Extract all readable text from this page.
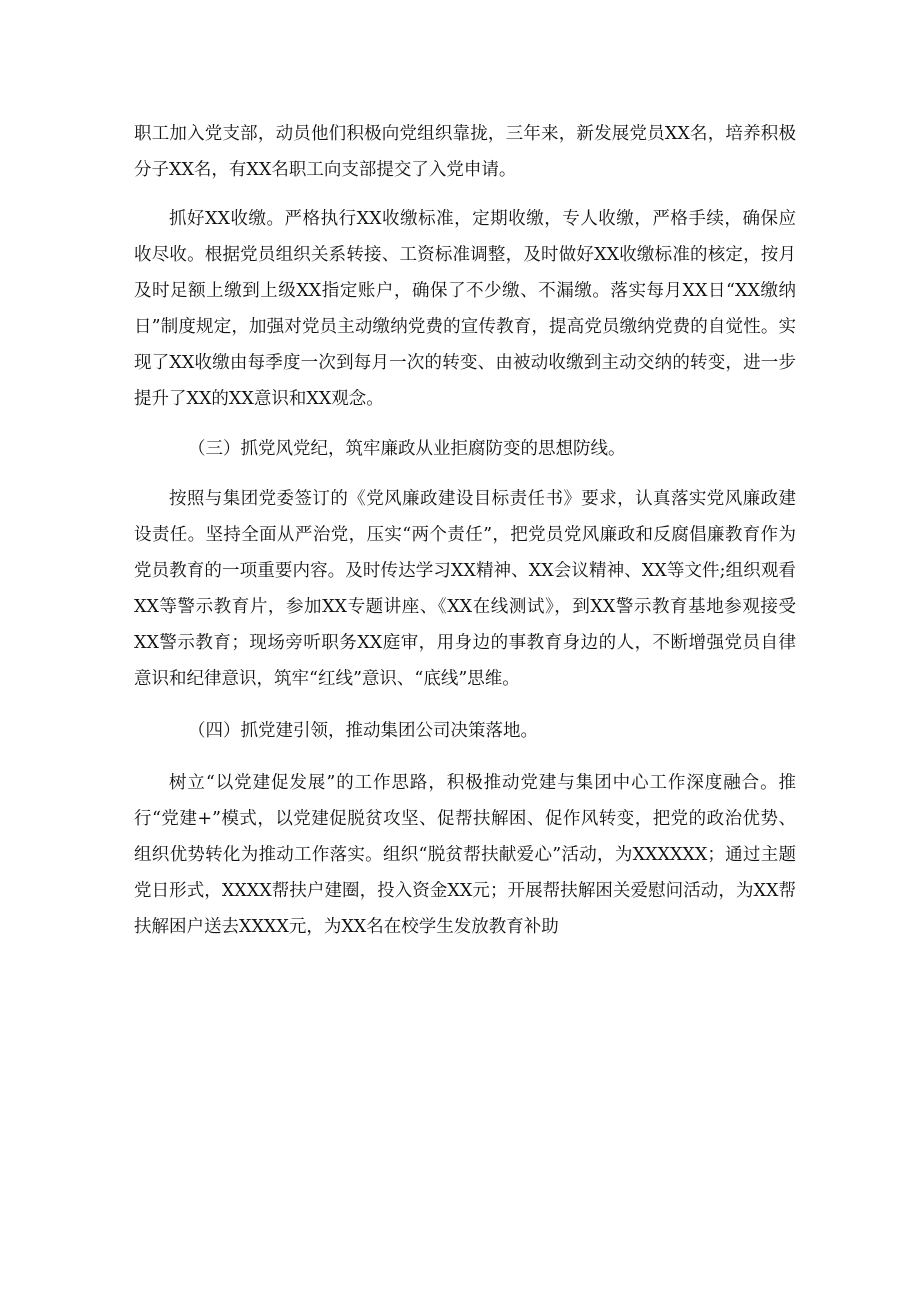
职工加入党支部，动员他们积极向党组织靠拢，三年来，新发展党员XX名，培养积极分子XX名，有XX名职工向支部提交了入党申请。

抓好XX收缴。严格执行XX收缴标准，定期收缴，专人收缴，严格手续，确保应收尽收。根据党员组织关系转接、工资标准调整，及时做好XX收缴标准的核定，按月及时足额上缴到上级XX指定账户，确保了不少缴、不漏缴。落实每月XX日“XX缴纳日”制度规定，加强对党员主动缴纳党费的宣传教育，提高党员缴纳党费的自觉性。实现了XX收缴由每季度一次到每月一次的转变、由被动收缴到主动交纳的转变，进一步提升了XX的XX意识和XX观念。

（三）抓党风党纪，筑牢廉政从业拒腐防变的思想防线。

按照与集团党委签订的《党风廉政建设目标责任书》要求，认真落实党风廉政建设责任。坚持全面从严治党，压实“两个责任”，把党员党风廉政和反腐倡廉教育作为党员教育的一项重要内容。及时传达学习XX精神、XX会议精神、XX等文件;组织观看XX等警示教育片，参加XX专题讲座、《XX在线测试》，到XX警示教育基地参观接受XX警示教育；现场旁听职务XX庭审，用身边的事教育身边的人，不断增强党员自律意识和纪律意识，筑牢“红线”意识、“底线”思维。

（四）抓党建引领，推动集团公司决策落地。

树立“以党建促发展”的工作思路，积极推动党建与集团中心工作深度融合。推行“党建+”模式，以党建促脱贫攻坚、促帮扶解困、促作风转变，把党的政治优势、组织优势转化为推动工作落实。组织“脱贫帮扶献爱心”活动，为XXXXXX；通过主题党日形式，XXXX帮扶户建圈，投入资金XX元；开展帮扶解困关爱慰问活动，为XX帮扶解困户送去XXXX元，为XX名在校学生发放教育补助
